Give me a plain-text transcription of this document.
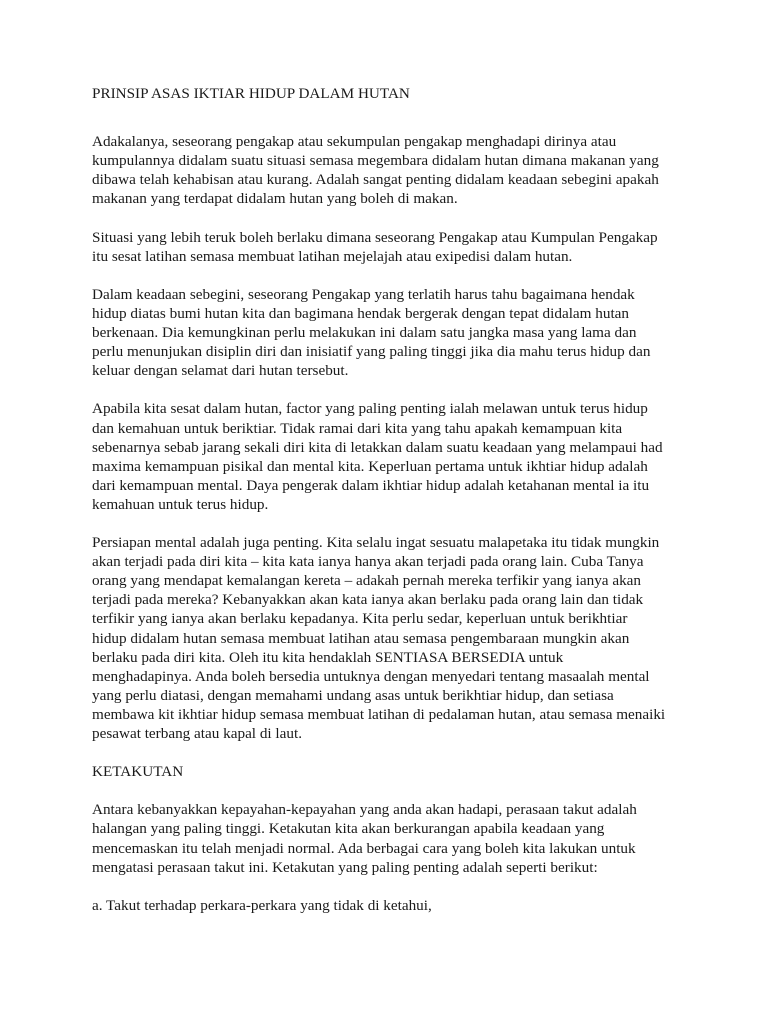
PRINSIP ASAS IKTIAR HIDUP DALAM HUTAN
Adakalanya, seseorang pengakap atau sekumpulan pengakap menghadapi dirinya atau
kumpulannya didalam suatu situasi semasa megembara didalam hutan dimana makanan yang
dibawa telah kehabisan atau kurang. Adalah sangat penting didalam keadaan sebegini apakah
makanan yang terdapat didalam hutan yang boleh di makan.
Situasi yang lebih teruk boleh berlaku dimana seseorang Pengakap atau Kumpulan Pengakap
itu sesat latihan semasa membuat latihan mejelajah atau exipedisi dalam hutan.
Dalam keadaan sebegini, seseorang Pengakap yang terlatih harus tahu bagaimana hendak
hidup diatas bumi hutan kita dan bagimana hendak bergerak dengan tepat didalam hutan
berkenaan. Dia kemungkinan perlu melakukan ini dalam satu jangka masa yang lama dan
perlu menunjukan disiplin diri dan inisiatif yang paling tinggi jika dia mahu terus hidup dan
keluar dengan selamat dari hutan tersebut.
Apabila kita sesat dalam hutan, factor yang paling penting ialah melawan untuk terus hidup
dan kemahuan untuk beriktiar. Tidak ramai dari kita yang tahu apakah kemampuan kita
sebenarnya sebab jarang sekali diri kita di letakkan dalam suatu keadaan yang melampaui had
maxima kemampuan pisikal dan mental kita. Keperluan pertama untuk ikhtiar hidup adalah
dari kemampuan mental. Daya pengerak dalam ikhtiar hidup adalah ketahanan mental ia itu
kemahuan untuk terus hidup.
Persiapan mental adalah juga penting. Kita selalu ingat sesuatu malapetaka itu tidak mungkin
akan terjadi pada diri kita – kita kata ianya hanya akan terjadi pada orang lain. Cuba Tanya
orang yang mendapat kemalangan kereta – adakah pernah mereka terfikir yang ianya akan
terjadi pada mereka? Kebanyakkan akan kata ianya akan berlaku pada orang lain dan tidak
terfikir yang ianya akan berlaku kepadanya. Kita perlu sedar, keperluan untuk berikhtiar
hidup didalam hutan semasa membuat latihan atau semasa pengembaraan mungkin akan
berlaku pada diri kita. Oleh itu kita hendaklah SENTIASA BERSEDIA untuk
menghadapinya. Anda boleh bersedia untuknya dengan menyedari tentang masaalah mental
yang perlu diatasi, dengan memahami undang asas untuk berikhtiar hidup, dan setiasa
membawa kit ikhtiar hidup semasa membuat latihan di pedalaman hutan, atau semasa menaiki
pesawat terbang atau kapal di laut.
KETAKUTAN
Antara kebanyakkan kepayahan-kepayahan yang anda akan hadapi, perasaan takut adalah
halangan yang paling tinggi. Ketakutan kita akan berkurangan apabila keadaan yang
mencemaskan itu telah menjadi normal. Ada berbagai cara yang boleh kita lakukan untuk
mengatasi perasaan takut ini. Ketakutan yang paling penting adalah seperti berikut:
a. Takut terhadap perkara-perkara yang tidak di ketahui,
